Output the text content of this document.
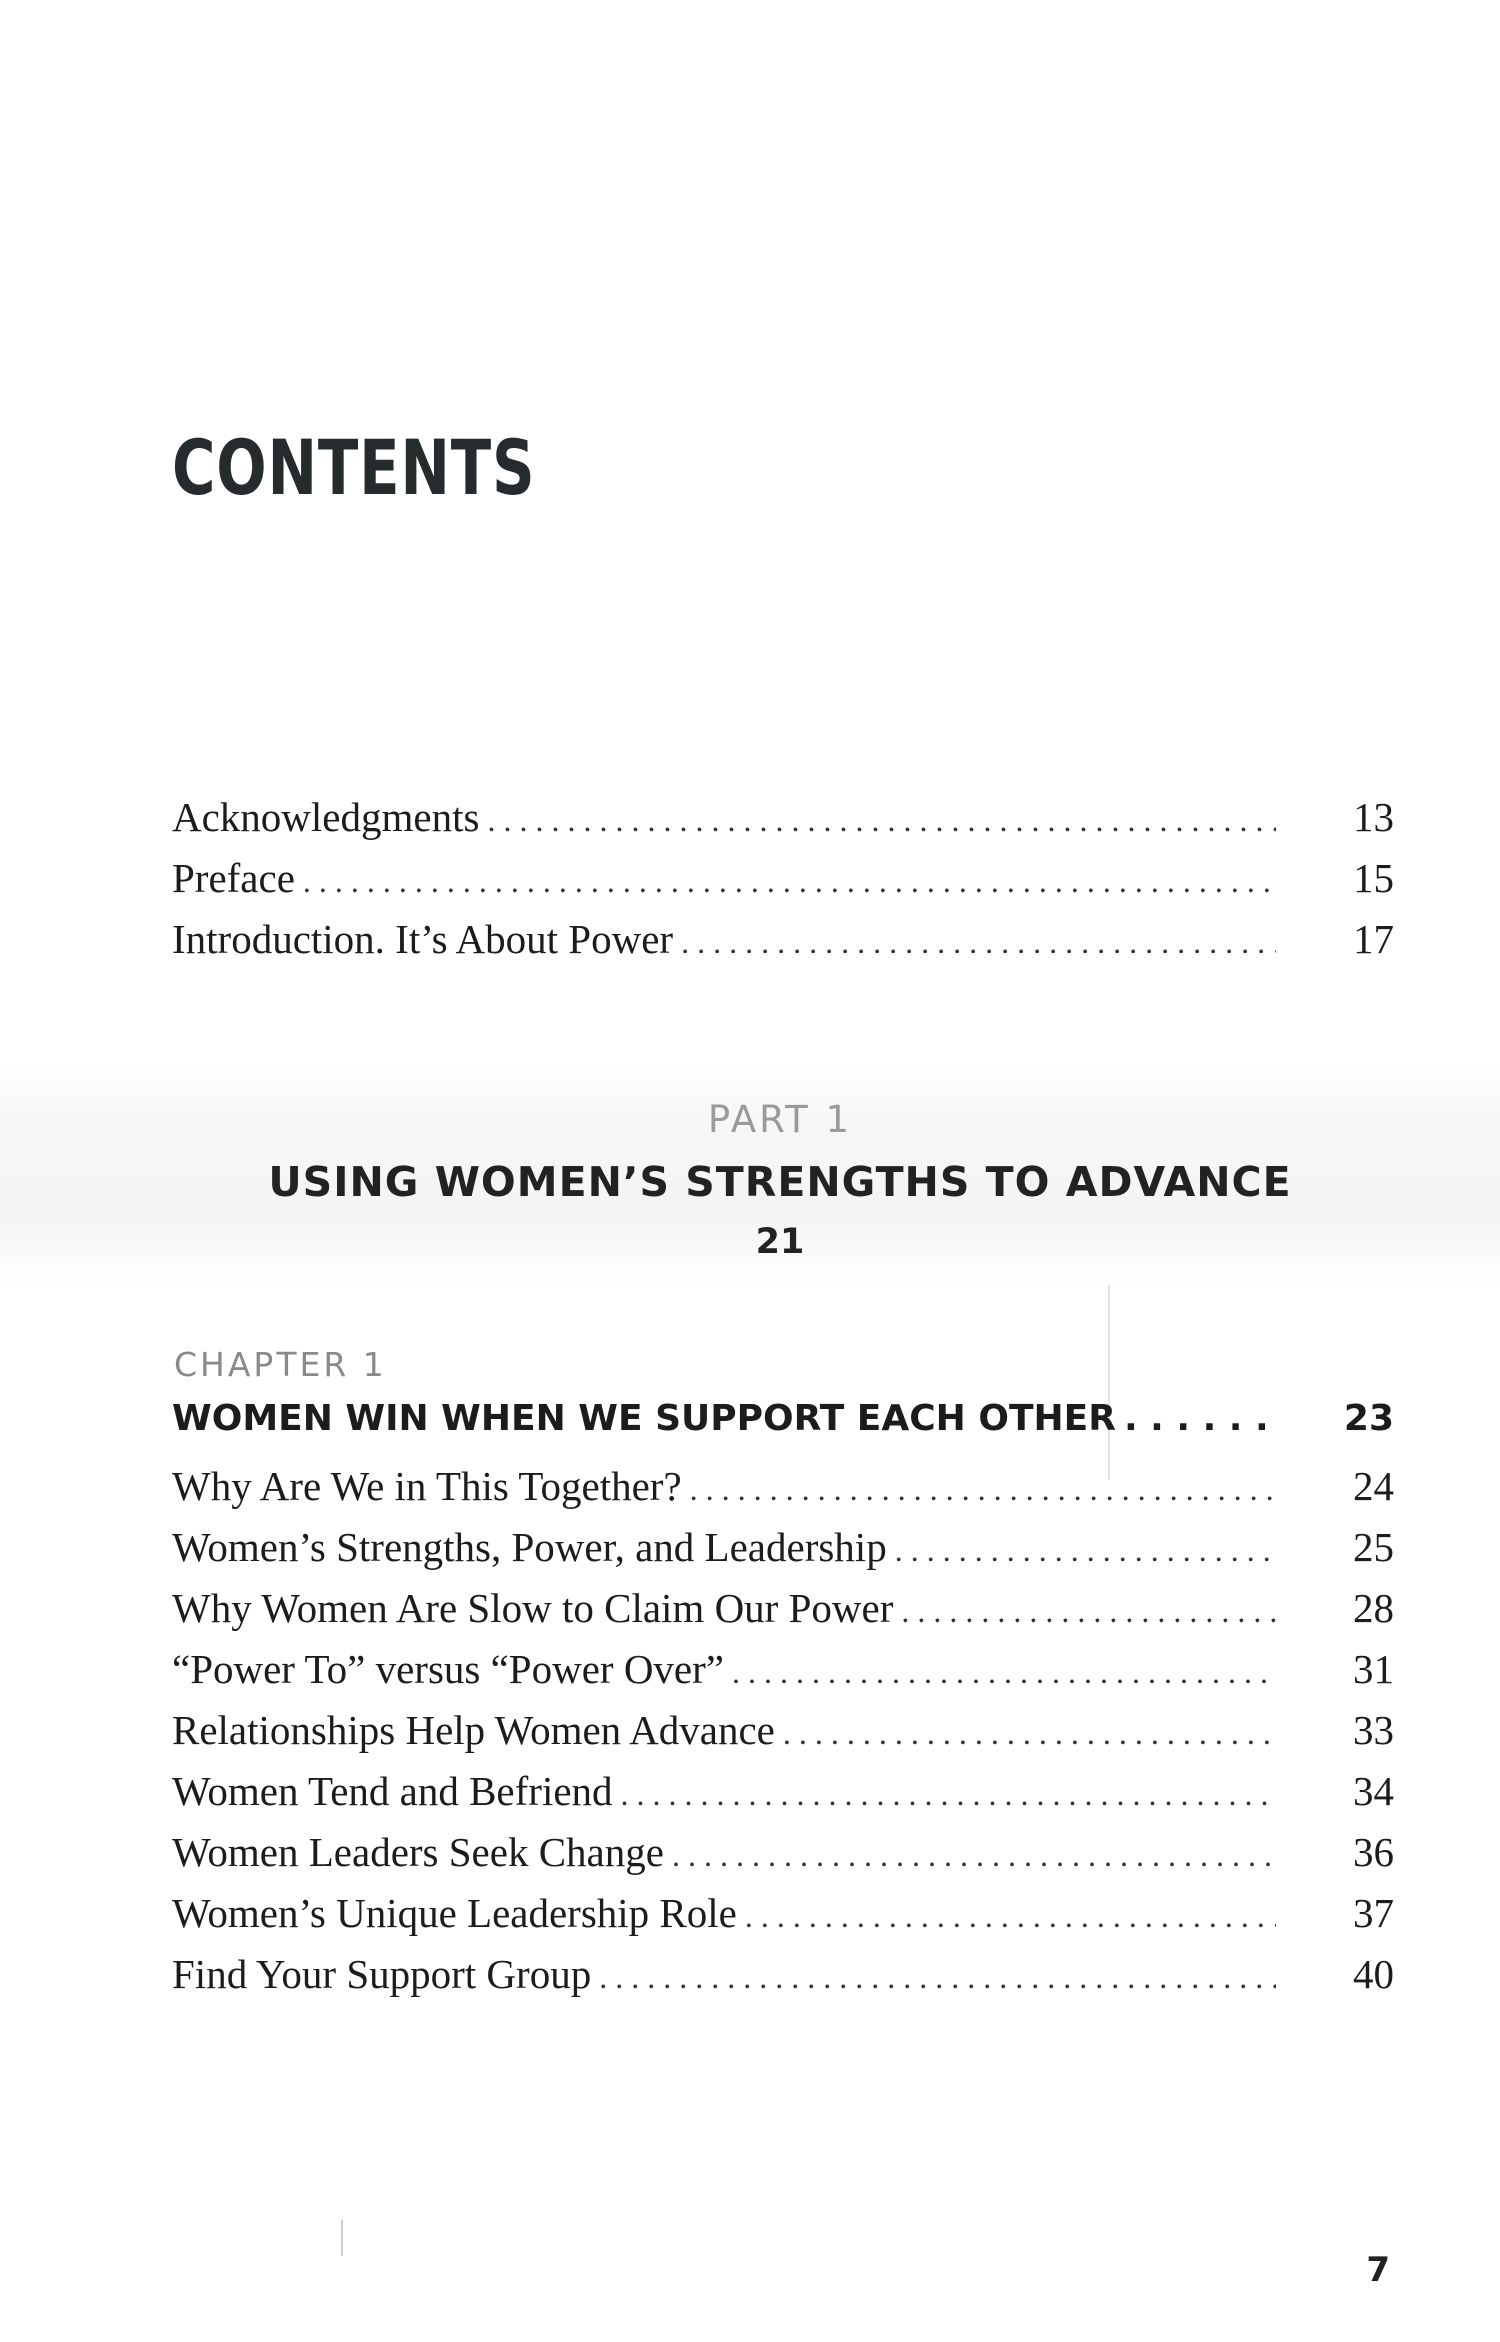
CONTENTS
Acknowledgments . . .	13
Preface . . .	15
Introduction. It’s About Power . . .	17
PART 1
USING WOMEN’S STRENGTHS TO ADVANCE
21
CHAPTER 1
WOMEN WIN WHEN WE SUPPORT EACH OTHER . . .	23
Why Are We in This Together? . . .	24
Women’s Strengths, Power, and Leadership . . .	25
Why Women Are Slow to Claim Our Power . . .	28
“Power To” versus “Power Over” . . .	31
Relationships Help Women Advance . . .	33
Women Tend and Befriend . . .	34
Women Leaders Seek Change . . .	36
Women’s Unique Leadership Role . . .	37
Find Your Support Group . . .	40
7
